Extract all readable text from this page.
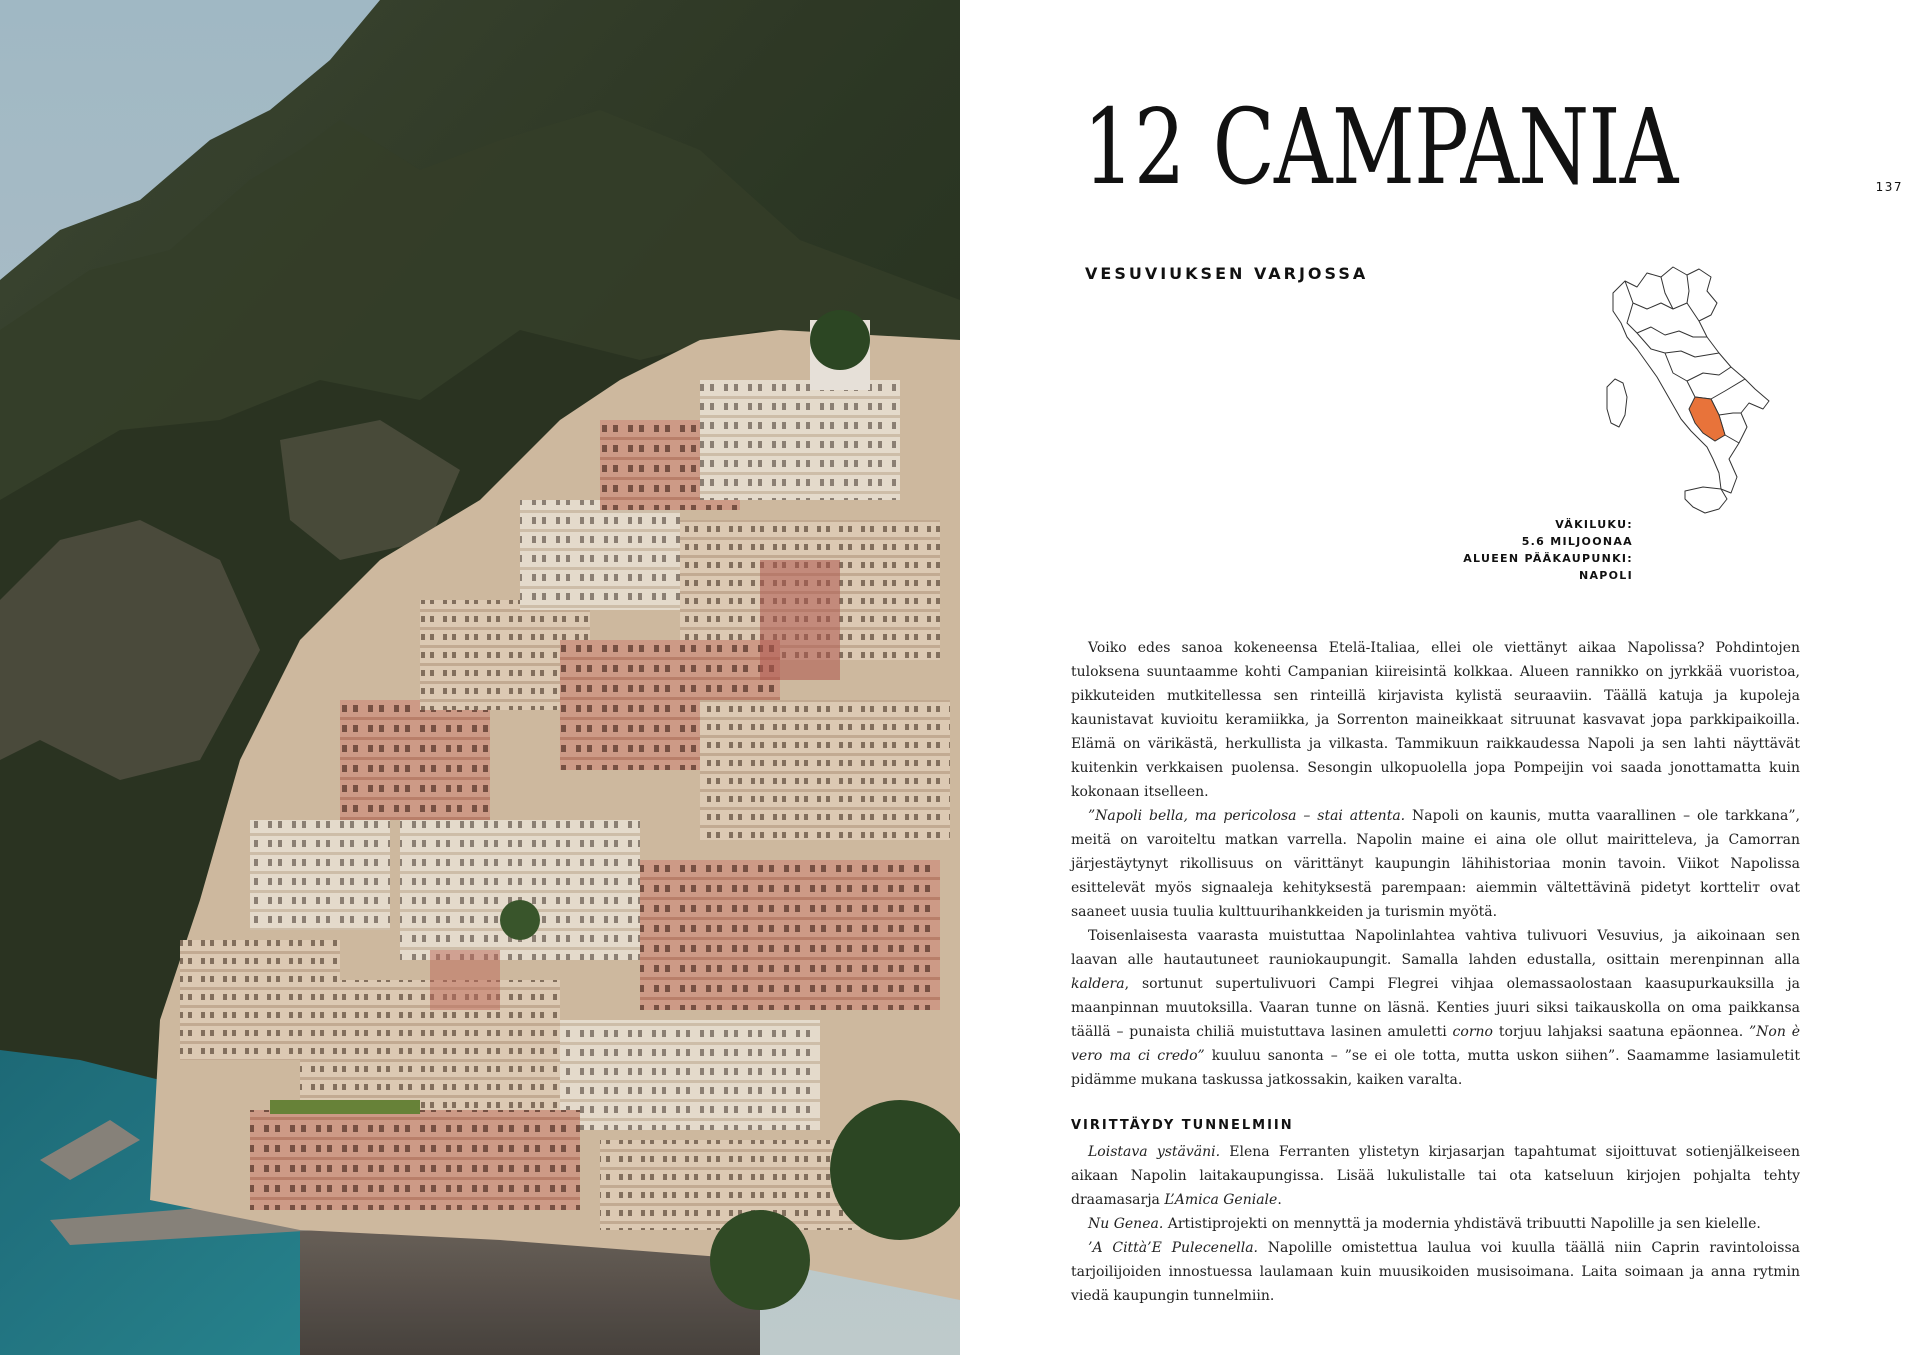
12 CAMPANIA	137
VESUVIUKSEN VARJOSSA
VÄKILUKU:
5.6 MILJOONAA
ALUEEN PÄÄKAUPUNKI:
NAPOLI

Voiko edes sanoa kokeneensa Etelä-Italiaa, ellei ole viettänyt aikaa Napolissa? Pohdintojen tuloksena suuntaamme kohti Campanian kiireisintä kolkkaa. Alueen rannikko on jyrkkää vuoristoa, pikkuteiden mutkitellessa sen rinteillä kirjavista kylistä seuraaviin. Täällä katuja ja kupoleja kaunistavat kuvioitu keramiikka, ja Sorrenton maineikkaat sitruunat kasvavat jopa parkkipaikoilla. Elämä on värikästä, herkullista ja vilkasta. Tammikuun raikkaudessa Napoli ja sen lahti näyttävät kuitenkin verkkaisen puolensa. Sesongin ulkopuolella jopa Pompeijin voi saada jonottamatta kuin kokonaan itselleen.

”Napoli bella, ma pericolosa – stai attenta. Napoli on kaunis, mutta vaarallinen – ole tarkkana”, meitä on varoiteltu matkan varrella. Napolin maine ei aina ole ollut mairitteleva, ja Camorran järjestäytynyt rikollisuus on värittänyt kaupungin lähihistoriaa monin tavoin. Viikot Napolissa esittelevät myös signaaleja kehityksestä parempaan: aiemmin vältettävinä pidetyt kortteliт ovat saaneet uusia tuulia kulttuurihankkeiden ja turismin myötä.

Toisenlaisesta vaarasta muistuttaa Napolinlahtea vahtiva tulivuori Vesuvius, ja aikoinaan sen laavan alle hautautuneet rauniokaupungit. Samalla lahden edustalla, osittain merenpinnan alla kaldera, sortunut supertulivuori Campi Flegrei vihjaa olemassaolostaan kaasupurkauksilla ja maanpinnan muutoksilla. Vaaran tunne on läsnä. Kenties juuri siksi taikauskolla on oma paikkansa täällä – punaista chiliä muistuttava lasinen amuletti corno torjuu lahjaksi saatuna epäonnea. ”Non è vero ma ci credo” kuuluu sanonta – ”se ei ole totta, mutta uskon siihen”. Saamamme lasiamuletit pidämme mukana taskussa jatkossakin, kaiken varalta.

VIRITTÄYDY TUNNELMIIN

Loistava ystäväni. Elena Ferranten ylistetyn kirjasarjan tapahtumat sijoittuvat sotienjälkeiseen aikaan Napolin laitakaupungissa. Lisää lukulistalle tai ota katseluun kirjojen pohjalta tehty draamasarja L’Amica Geniale.

Nu Genea. Artistiprojekti on mennyttä ja modernia yhdistävä tribuutti Napolille ja sen kielelle.

’A Città’E Pulecenella. Napolille omistettua laulua voi kuulla täällä niin Caprin ravintoloissa tarjoilijoiden innostuessa laulamaan kuin muusikoiden musisoimana. Laita soimaan ja anna rytmin viedä kaupungin tunnelmiin.
